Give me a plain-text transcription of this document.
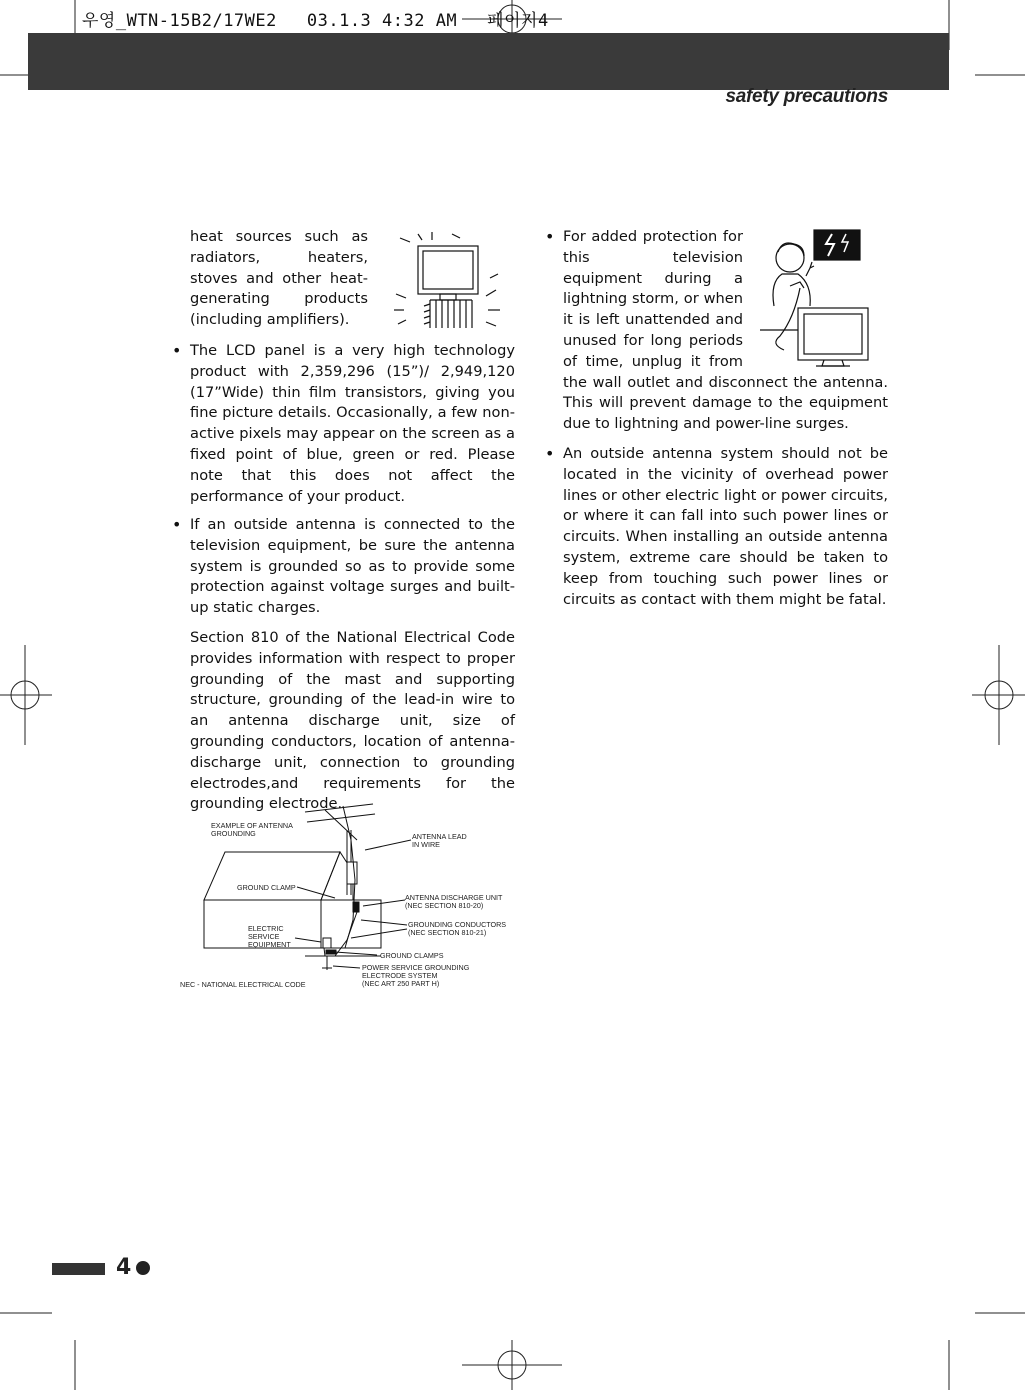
우영_WTN-15B2/17WE2 03.1.3 4:32 AM 페이지4
safety precautions

heat sources such as radiators, heaters, stoves and other heat-generating products (including amplifiers).

• The LCD panel is a very high technology product with 2,359,296 (15”)/ 2,949,120 (17”Wide) thin film transistors, giving you fine picture details. Occasionally, a few non-active pixels may appear on the screen as a fixed point of blue, green or red. Please note that this does not affect the performance of your product.

• If an outside antenna is connected to the television equipment, be sure the antenna system is grounded so as to provide some protection against voltage surges and built-up static charges.

Section 810 of the National Electrical Code provides information with respect to proper grounding of the mast and supporting structure, grounding of the lead-in wire to an antenna discharge unit, size of grounding conductors, location of antenna-discharge unit, connection to grounding electrodes,and requirements for the grounding electrode.

EXAMPLE OF ANTENNA
GROUNDING	ANTENNA LEAD
IN WIRE
GROUND CLAMP
ANTENNA DISCHARGE UNIT
(NEC SECTION 810-20)
ELECTRIC
SERVICE
EQUIPMENT
GROUNDING CONDUCTORS
(NEC SECTION 810-21)
GROUND CLAMPS
POWER SERVICE GROUNDING
ELECTRODE SYSTEM
(NEC ART 250 PART H)
NEC - NATIONAL ELECTRICAL CODE
• For added protection for this television equipment during a lightning storm, or when it is left unattended and unused for long periods of time, unplug it from the wall outlet and disconnect the antenna. This will prevent damage to the equipment due to lightning and power-line surges.

• An outside antenna system should not be located in the vicinity of overhead power lines or other electric light or power circuits, or where it can fall into such power lines or circuits. When installing an outside antenna system, extreme care should be taken to keep from touching such power lines or circuits as contact with them might be fatal.

4
